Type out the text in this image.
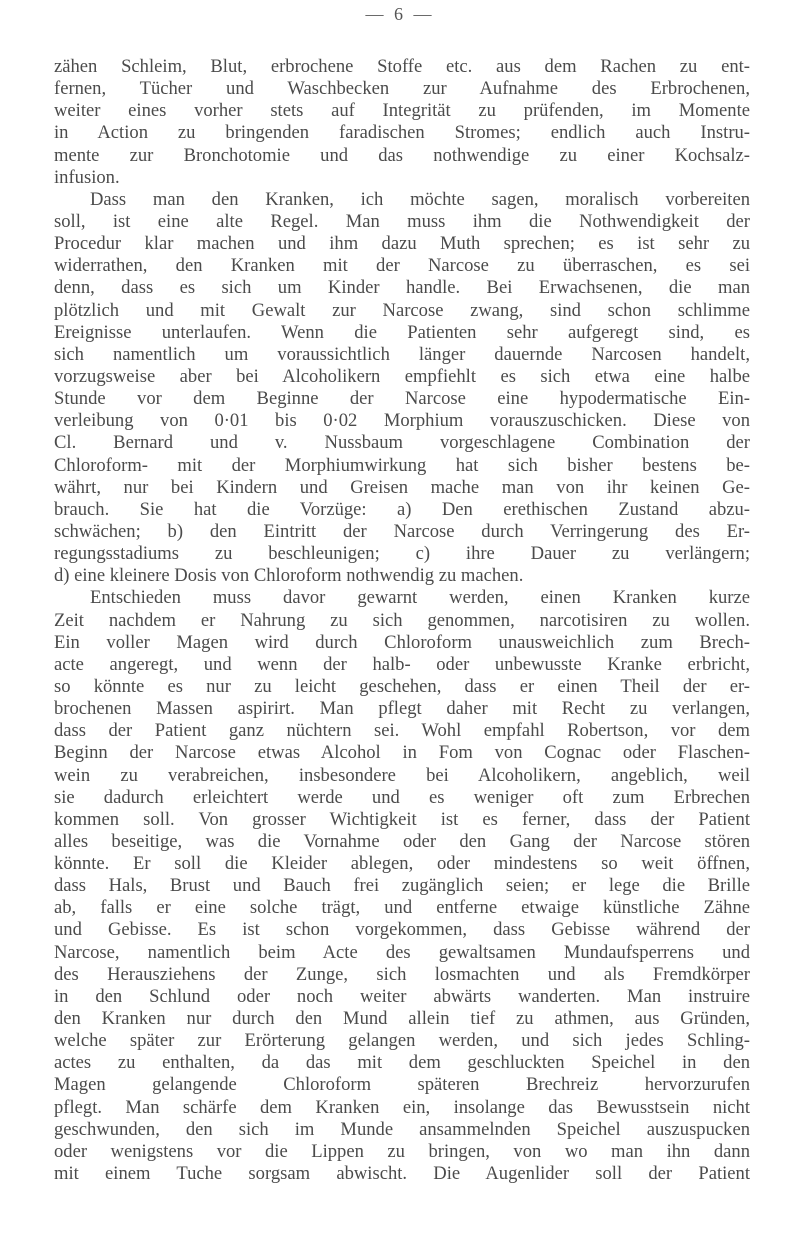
— 6 —
zähen Schleim, Blut, erbrochene Stoffe etc. aus dem Rachen zu ent-
fernen, Tücher und Waschbecken zur Aufnahme des Erbrochenen,
weiter eines vorher stets auf Integrität zu prüfenden, im Momente
in Action zu bringenden faradischen Stromes; endlich auch Instru-
mente zur Bronchotomie und das nothwendige zu einer Kochsalz-
infusion.
Dass man den Kranken, ich möchte sagen, moralisch vorbereiten
soll, ist eine alte Regel. Man muss ihm die Nothwendigkeit der
Procedur klar machen und ihm dazu Muth sprechen; es ist sehr zu
widerrathen, den Kranken mit der Narcose zu überraschen, es sei
denn, dass es sich um Kinder handle. Bei Erwachsenen, die man
plötzlich und mit Gewalt zur Narcose zwang, sind schon schlimme
Ereignisse unterlaufen. Wenn die Patienten sehr aufgeregt sind, es
sich namentlich um voraussichtlich länger dauernde Narcosen handelt,
vorzugsweise aber bei Alcoholikern empfiehlt es sich etwa eine halbe
Stunde vor dem Beginne der Narcose eine hypodermatische Ein-
verleibung von 0·01 bis 0·02 Morphium vorauszuschicken. Diese von
Cl. Bernard und v. Nussbaum vorgeschlagene Combination der
Chloroform- mit der Morphiumwirkung hat sich bisher bestens be-
währt, nur bei Kindern und Greisen mache man von ihr keinen Ge-
brauch. Sie hat die Vorzüge: a) Den erethischen Zustand abzu-
schwächen; b) den Eintritt der Narcose durch Verringerung des Er-
regungsstadiums zu beschleunigen; c) ihre Dauer zu verlängern;
d) eine kleinere Dosis von Chloroform nothwendig zu machen.
Entschieden muss davor gewarnt werden, einen Kranken kurze
Zeit nachdem er Nahrung zu sich genommen, narcotisiren zu wollen.
Ein voller Magen wird durch Chloroform unausweichlich zum Brech-
acte angeregt, und wenn der halb- oder unbewusste Kranke erbricht,
so könnte es nur zu leicht geschehen, dass er einen Theil der er-
brochenen Massen aspirirt. Man pflegt daher mit Recht zu verlangen,
dass der Patient ganz nüchtern sei. Wohl empfahl Robertson, vor dem
Beginn der Narcose etwas Alcohol in Fom von Cognac oder Flaschen-
wein zu verabreichen, insbesondere bei Alcoholikern, angeblich, weil
sie dadurch erleichtert werde und es weniger oft zum Erbrechen
kommen soll. Von grosser Wichtigkeit ist es ferner, dass der Patient
alles beseitige, was die Vornahme oder den Gang der Narcose stören
könnte. Er soll die Kleider ablegen, oder mindestens so weit öffnen,
dass Hals, Brust und Bauch frei zugänglich seien; er lege die Brille
ab, falls er eine solche trägt, und entferne etwaige künstliche Zähne
und Gebisse. Es ist schon vorgekommen, dass Gebisse während der
Narcose, namentlich beim Acte des gewaltsamen Mundaufsperrens und
des Herausziehens der Zunge, sich losmachten und als Fremdkörper
in den Schlund oder noch weiter abwärts wanderten. Man instruire
den Kranken nur durch den Mund allein tief zu athmen, aus Gründen,
welche später zur Erörterung gelangen werden, und sich jedes Schling-
actes zu enthalten, da das mit dem geschluckten Speichel in den
Magen gelangende Chloroform späteren Brechreiz hervorzurufen
pflegt. Man schärfe dem Kranken ein, insolange das Bewusstsein nicht
geschwunden, den sich im Munde ansammelnden Speichel auszuspucken
oder wenigstens vor die Lippen zu bringen, von wo man ihn dann
mit einem Tuche sorgsam abwischt. Die Augenlider soll der Patient
